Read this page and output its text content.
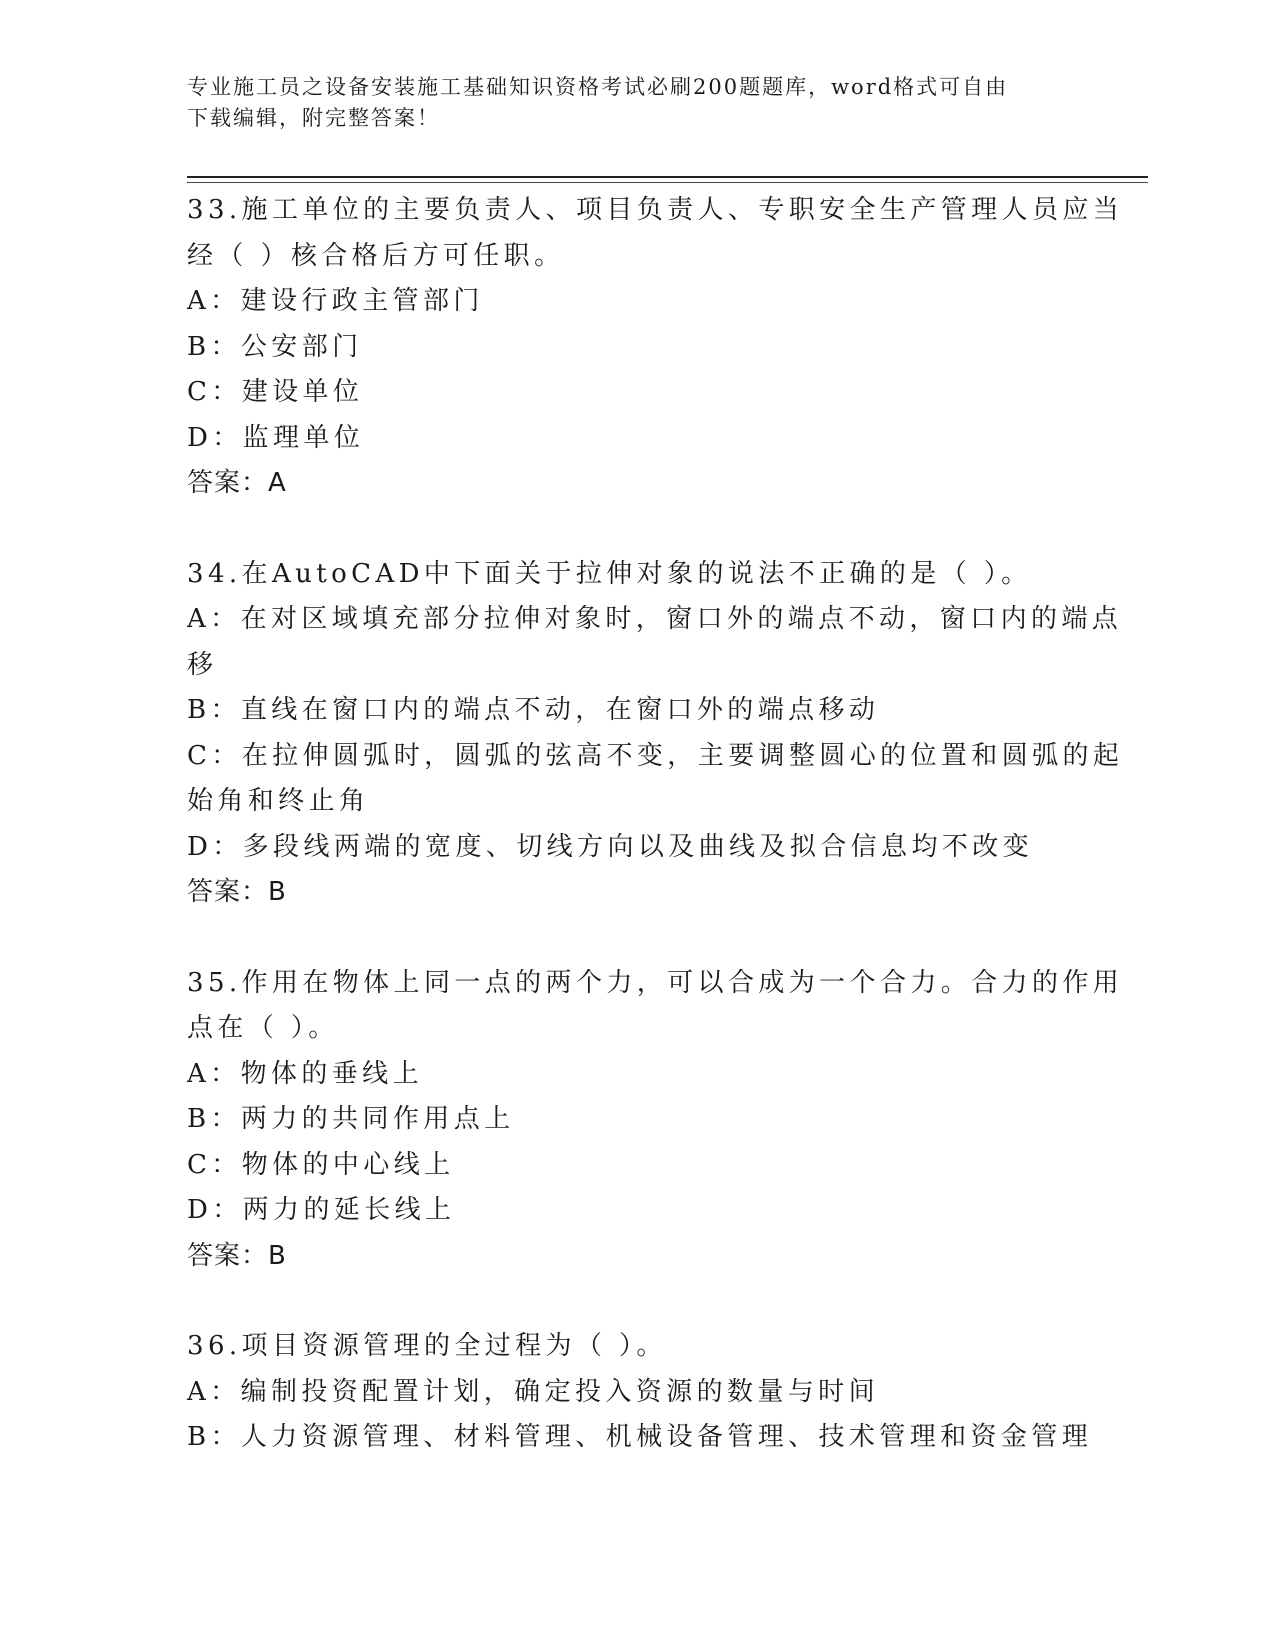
专业施工员之设备安装施工基础知识资格考试必刷200题题库，word格式可自由
下载编辑，附完整答案！
33.施工单位的主要负责人、项目负责人、专职安全生产管理人员应当
经（ ）核合格后方可任职。
A：建设行政主管部门
B：公安部门
C：建设单位
D：监理单位
答案：A
34.在AutoCAD中下面关于拉伸对象的说法不正确的是（ ）。
A：在对区域填充部分拉伸对象时，窗口外的端点不动，窗口内的端点
移
B：直线在窗口内的端点不动，在窗口外的端点移动
C：在拉伸圆弧时，圆弧的弦高不变，主要调整圆心的位置和圆弧的起
始角和终止角
D：多段线两端的宽度、切线方向以及曲线及拟合信息均不改变
答案：B
35.作用在物体上同一点的两个力，可以合成为一个合力。合力的作用
点在（ ）。
A：物体的垂线上
B：两力的共同作用点上
C：物体的中心线上
D：两力的延长线上
答案：B
36.项目资源管理的全过程为（ ）。
A：编制投资配置计划，确定投入资源的数量与时间
B：人力资源管理、材料管理、机械设备管理、技术管理和资金管理
